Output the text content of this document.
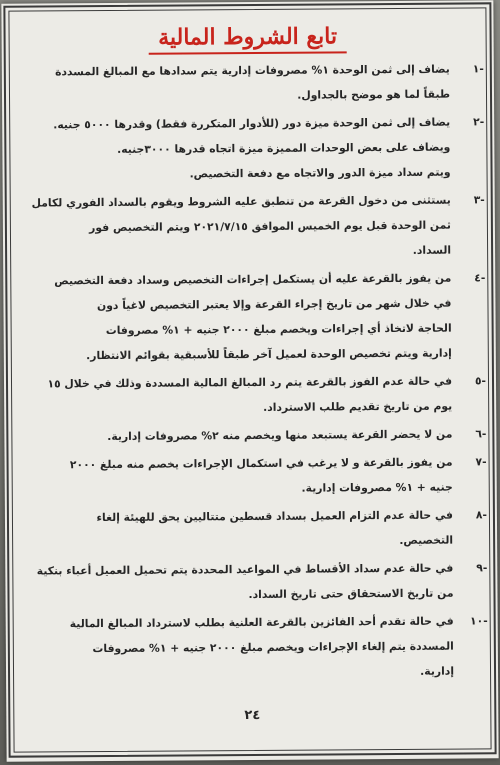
تابع الشروط المالية
١-
يضاف إلى ثمن الوحدة ١% مصروفات إدارية يتم سدادها مع المبالغ المسددة
طبقاً لما هو موضح بالجداول.
٢-
يضاف إلى ثمن الوحدة ميزة دور (للأدوار المتكررة فقط) وقدرها ٥٠٠٠ جنيه.
ويضاف على بعض الوحدات المميزة ميزة اتجاه قدرها ٣٠٠٠جنيه.
ويتم سداد ميزة الدور والاتجاه مع دفعة التخصيص.
٣-
يستثنى من دخول القرعة من تنطبق عليه الشروط ويقوم بالسداد الفوري لكامل
ثمن الوحدة قبل يوم الخميس الموافق ٢٠٢١/٧/١٥ ويتم التخصيص فور
السداد.
٤-
من يفوز بالقرعة عليه أن يستكمل إجراءات التخصيص وسداد دفعة التخصيص
في خلال شهر من تاريخ إجراء القرعة وإلا يعتبر التخصيص لاغياً دون
الحاجة لاتخاذ أي إجراءات ويخصم مبلغ ٢٠٠٠ جنيه + ١% مصروفات
إدارية ويتم تخصيص الوحدة لعميل آخر طبقاً للأسبقية بقوائم الانتظار.
٥-
في حالة عدم الفوز بالقرعة يتم رد المبالغ المالية المسددة وذلك في خلال ١٥
يوم من تاريخ تقديم طلب الاسترداد.
٦-
من لا يحضر القرعة يستبعد منها ويخصم منه ٢% مصروفات إدارية.
٧-
من يفوز بالقرعة و لا يرغب في استكمال الإجراءات يخصم منه مبلغ ٢٠٠٠
جنيه + ١% مصروفات إدارية.
٨-
في حالة عدم التزام العميل بسداد قسطين متتاليين يحق للهيئة إلغاء
التخصيص.
٩-
في حالة عدم سداد الأقساط في المواعيد المحددة يتم تحميل العميل أعباء بنكية
من تاريخ الاستحقاق حتى تاريخ السداد.
١٠-
في حالة تقدم أحد الفائزين بالقرعة العلنية بطلب لاسترداد المبالغ المالية
المسددة يتم إلغاء الإجراءات ويخصم مبلغ ٢٠٠٠ جنيه + ١% مصروفات
إدارية.
٢٤
